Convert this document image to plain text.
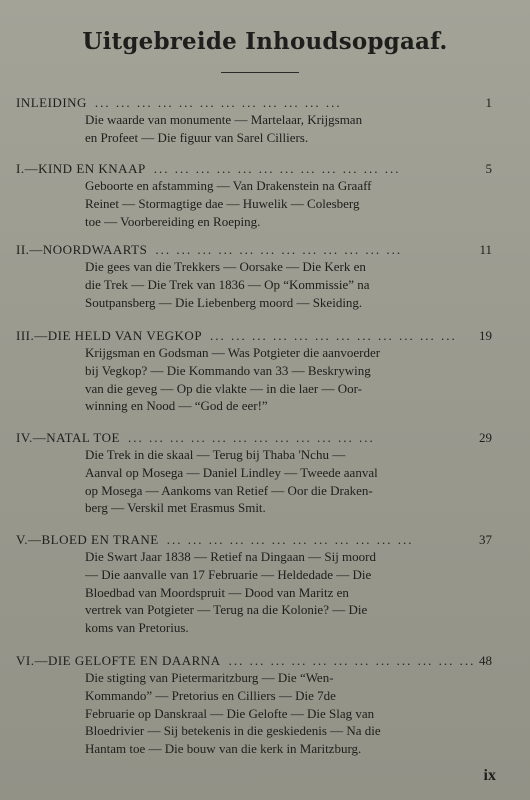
Uitgebreide Inhoudsopgaaf.
INLEIDING ... ... ... ... ... ... ... ... ... ... ... ...	1
Die waarde van monumente — Martelaar, Krijgsman
en Profeet — Die figuur van Sarel Cilliers.
I.—KIND EN KNAAP ... ... ... ... ... ... ... ... ... ... ... ...	5
Geboorte en afstamming — Van Drakenstein na Graaff
Reinet — Stormagtige dae — Huwelik — Colesberg
toe — Voorbereiding en Roeping.
II.—NOORDWAARTS ... ... ... ... ... ... ... ... ... ... ... ...	11
Die gees van die Trekkers — Oorsake — Die Kerk en
die Trek — Die Trek van 1836 — Op “Kommissie” na
Soutpansberg — Die Liebenberg moord — Skeiding.
III.—DIE HELD VAN VEGKOP ... ... ... ... ... ... ... ... ... ... ... ...	19
Krijgsman en Godsman — Was Potgieter die aanvoerder
bij Vegkop? — Die Kommando van 33 — Beskrywing
van die geveg — Op die vlakte — in die laer — Oor-
winning en Nood — “God de eer!”
IV.—NATAL TOE ... ... ... ... ... ... ... ... ... ... ... ...	29
Die Trek in die skaal — Terug bij Thaba 'Nchu —
Aanval op Mosega — Daniel Lindley — Tweede aanval
op Mosega — Aankoms van Retief — Oor die Draken-
berg — Verskil met Erasmus Smit.
V.—BLOED EN TRANE ... ... ... ... ... ... ... ... ... ... ... ...	37
Die Swart Jaar 1838 — Retief na Dingaan — Sij moord
— Die aanvalle van 17 Februarie — Heldedade — Die
Bloedbad van Moordspruit — Dood van Maritz en
vertrek van Potgieter — Terug na die Kolonie? — Die
koms van Pretorius.
VI.—DIE GELOFTE EN DAARNA ... ... ... ... ... ... ... ... ... ... ... ... 48
Die stigting van Pietermaritzburg — Die “Wen-
Kommando” — Pretorius en Cilliers — Die 7de
Februarie op Danskraal — Die Gelofte — Die Slag van
Bloedrivier — Sij betekenis in die geskiedenis — Na die
Hantam toe — Die bouw van die kerk in Maritzburg.
ix
